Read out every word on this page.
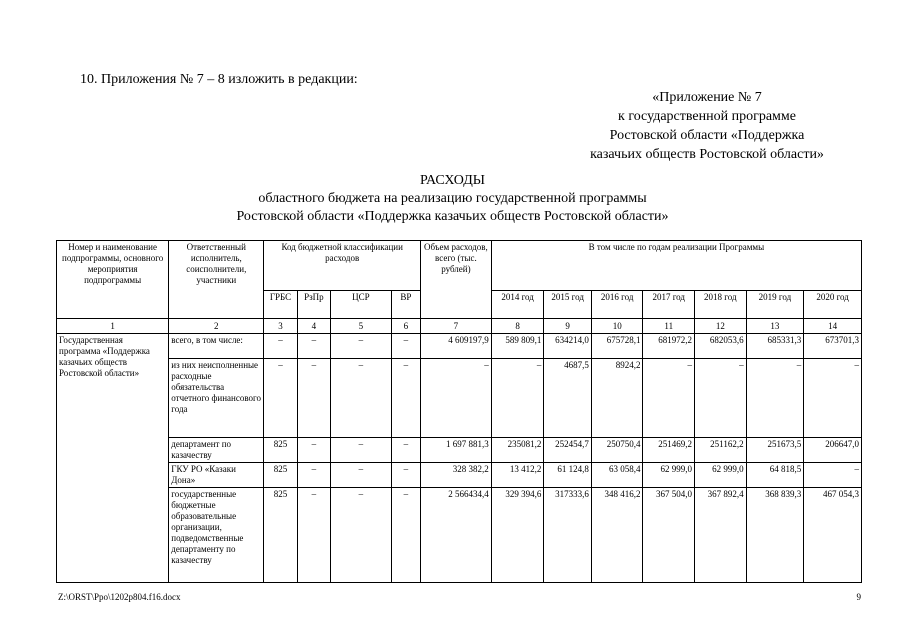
10. Приложения № 7 – 8 изложить в редакции:
«Приложение № 7
к государственной программе
Ростовской области «Поддержка
казачьих обществ Ростовской области»
РАСХОДЫ
областного бюджета на реализацию государственной программы
Ростовской области «Поддержка казачьих обществ Ростовской области»
Номер и наименование подпрограммы, основного мероприятия подпрограммы	Ответственный исполнитель, соисполнители, участники	Код бюджетной классификации расходов				Объем расходов, всего (тыс. рублей)	В том числе по годам реализации Программы						
		ГРБС	РзПр	ЦСР	ВР		2014 год	2015 год	2016 год	2017 год	2018 год	2019 год	2020 год
1	2	3	4	5	6	7	8	9	10	11	12	13	14
Государственная программа «Поддержка казачьих обществ Ростовской области»	всего, в том числе:	–	–	–	–	4 609197,9	589 809,1	634214,0	675728,1	681972,2	682053,6	685331,3	673701,3
	из них неисполненные расходные обязательства отчетного финансового года	–	–	–	–	–	–	4687,5	8924,2	–	–	–	–
	департамент по казачеству	825	–	–	–	1 697 881,3	235081,2	252454,7	250750,4	251469,2	251162,2	251673,5	206647,0
	ГКУ РО «Казаки Дона»	825	–	–	–	328 382,2	13 412,2	61 124,8	63 058,4	62 999,0	62 999,0	64 818,5	–
	государственные бюджетные образовательные организации, подведомственные департаменту по казачеству	825	–	–	–	2 566434,4	329 394,6	317333,6	348 416,2	367 504,0	367 892,4	368 839,3	467 054,3
Z:\ORST\Ppo\1202p804.f16.docx	9
